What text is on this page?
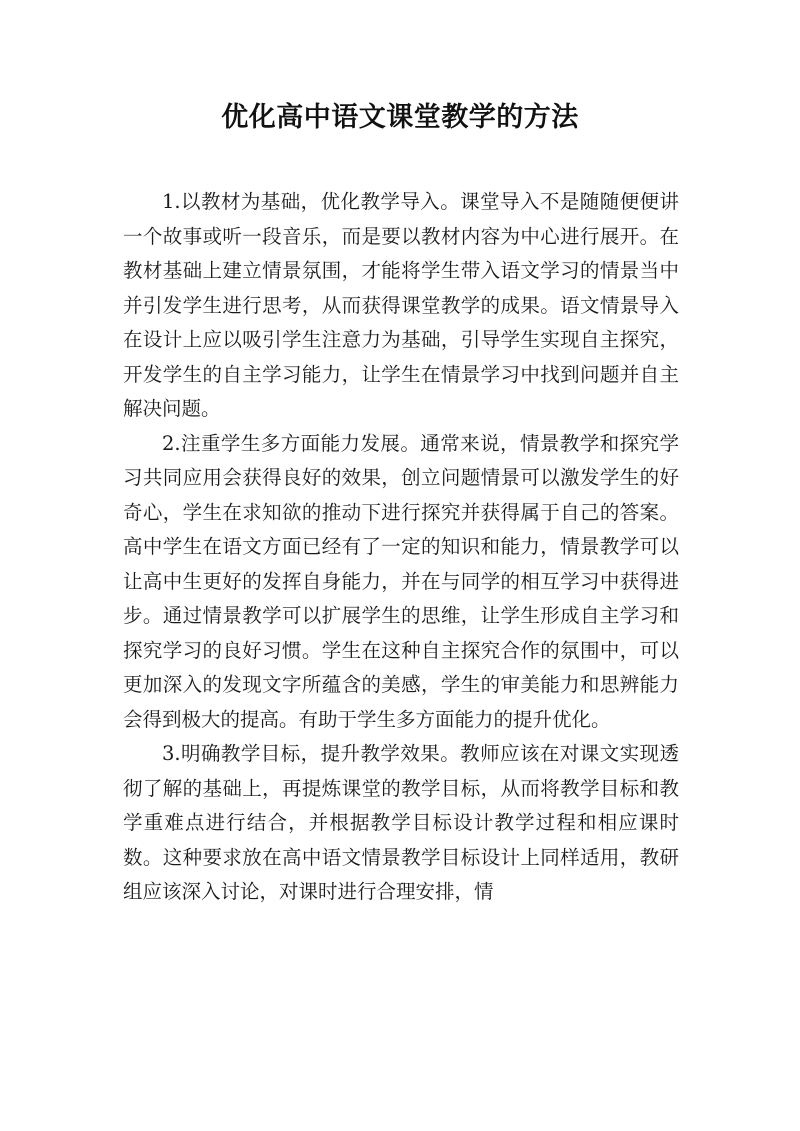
优化高中语文课堂教学的方法

1.以教材为基础，优化教学导入。课堂导入不是随随便便讲一个故事或听一段音乐，而是要以教材内容为中心进行展开。在教材基础上建立情景氛围，才能将学生带入语文学习的情景当中并引发学生进行思考，从而获得课堂教学的成果。语文情景导入在设计上应以吸引学生注意力为基础，引导学生实现自主探究，开发学生的自主学习能力，让学生在情景学习中找到问题并自主解决问题。

2.注重学生多方面能力发展。通常来说，情景教学和探究学习共同应用会获得良好的效果，创立问题情景可以激发学生的好奇心，学生在求知欲的推动下进行探究并获得属于自己的答案。高中学生在语文方面已经有了一定的知识和能力，情景教学可以让高中生更好的发挥自身能力，并在与同学的相互学习中获得进步。通过情景教学可以扩展学生的思维，让学生形成自主学习和探究学习的良好习惯。学生在这种自主探究合作的氛围中，可以更加深入的发现文字所蕴含的美感，学生的审美能力和思辨能力会得到极大的提高。有助于学生多方面能力的提升优化。

3.明确教学目标，提升教学效果。教师应该在对课文实现透彻了解的基础上，再提炼课堂的教学目标，从而将教学目标和教学重难点进行结合，并根据教学目标设计教学过程和相应课时数。这种要求放在高中语文情景教学目标设计上同样适用，教研组应该深入讨论，对课时进行合理安排，情
